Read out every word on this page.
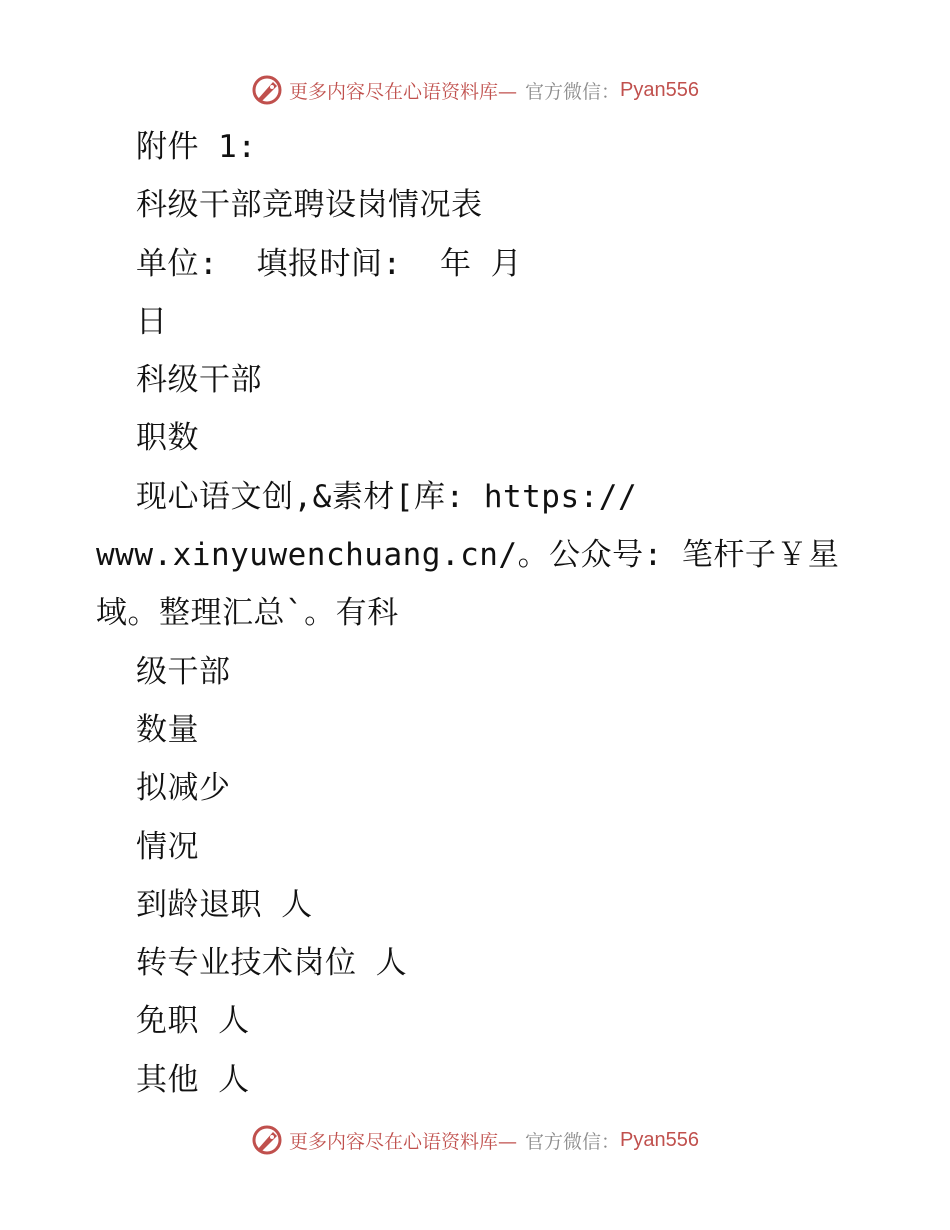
更多内容尽在心语资料库— 官方微信： Pyan556
附件 1:
科级干部竞聘设岗情况表
单位:  填报时间:  年 月
日
科级干部
职数
现心语文创,&素材[库: https://
www.xinyuwenchuang.cn/。公众号: 笔杆子￥星
域。整理汇总`。有科
级干部
数量
拟减少
情况
到龄退职 人
转专业技术岗位 人
免职 人
其他 人
更多内容尽在心语资料库— 官方微信： Pyan556
